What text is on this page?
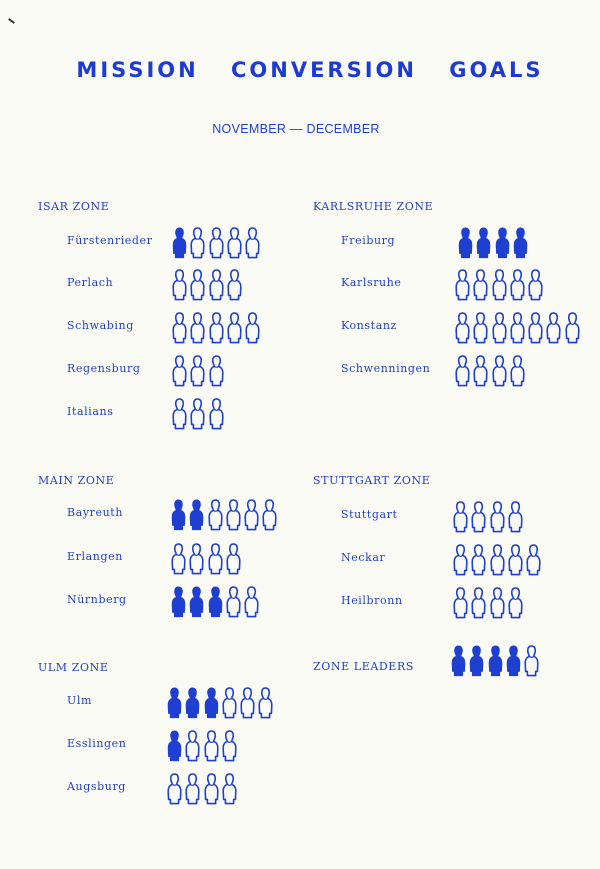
MISSION CONVERSION GOALS
NOVEMBER — DECEMBER
ISAR ZONE
Fürstenrieder
Perlach
Schwabing
Regensburg
Italians
KARLSRUHE ZONE
Freiburg
Karlsruhe
Konstanz
Schwenningen
MAIN ZONE
Bayreuth
Erlangen
Nürnberg
STUTTGART ZONE
Stuttgart
Neckar
Heilbronn
ULM ZONE
Ulm
Esslingen
Augsburg
ZONE LEADERS
